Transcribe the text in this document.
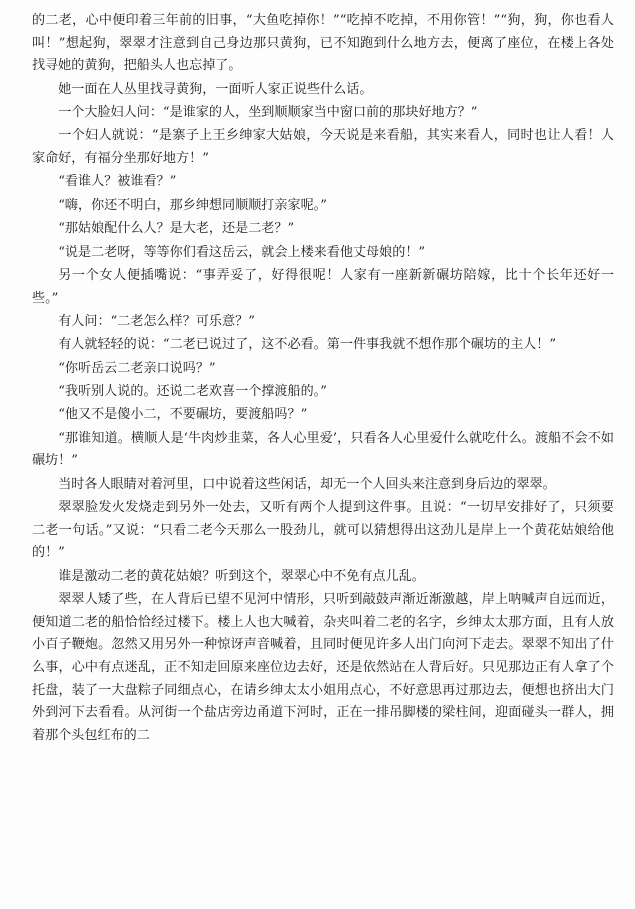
的二老，心中便印着三年前的旧事，“大鱼吃掉你！”“吃掉不吃掉，不用你管！”“狗，狗，你也看人叫！”想起狗，翠翠才注意到自己身边那只黄狗，已不知跑到什么地方去，便离了座位，在楼上各处找寻她的黄狗，把船头人也忘掉了。

她一面在人丛里找寻黄狗，一面听人家正说些什么话。

一个大脸妇人问：“是谁家的人，坐到顺顺家当中窗口前的那块好地方？”

一个妇人就说：“是寨子上王乡绅家大姑娘，今天说是来看船，其实来看人，同时也让人看！人家命好，有福分坐那好地方！”

“看谁人？被谁看？”

“嗨，你还不明白，那乡绅想同顺顺打亲家呢。”

“那姑娘配什么人？是大老，还是二老？”

“说是二老呀，等等你们看这岳云，就会上楼来看他丈母娘的！”

另一个女人便插嘴说：“事弄妥了，好得很呢！人家有一座新新碾坊陪嫁，比十个长年还好一些。”

有人问：“二老怎么样？可乐意？”

有人就轻轻的说：“二老已说过了，这不必看。第一件事我就不想作那个碾坊的主人！”

“你听岳云二老亲口说吗？”

“我听别人说的。还说二老欢喜一个撑渡船的。”

“他又不是傻小二，不要碾坊，要渡船吗？”

“那谁知道。横顺人是‘牛肉炒韭菜，各人心里爱’，只看各人心里爱什么就吃什么。渡船不会不如碾坊！”

当时各人眼睛对着河里，口中说着这些闲话，却无一个人回头来注意到身后边的翠翠。

翠翠脸发火发烧走到另外一处去，又听有两个人提到这件事。且说：“一切早安排好了，只须要二老一句话。”又说：“只看二老今天那么一股劲儿，就可以猜想得出这劲儿是岸上一个黄花姑娘给他的！”

谁是激动二老的黄花姑娘？听到这个，翠翠心中不免有点儿乱。

翠翠人矮了些，在人背后已望不见河中情形，只听到敲鼓声渐近渐激越，岸上呐喊声自远而近，便知道二老的船恰恰经过楼下。楼上人也大喊着，杂夹叫着二老的名字，乡绅太太那方面，且有人放小百子鞭炮。忽然又用另外一种惊讶声音喊着，且同时便见许多人出门向河下走去。翠翠不知出了什么事，心中有点迷乱，正不知走回原来座位边去好，还是依然站在人背后好。只见那边正有人拿了个托盘，装了一大盘粽子同细点心，在请乡绅太太小姐用点心，不好意思再过那边去，便想也挤出大门外到河下去看看。从河街一个盐店旁边甬道下河时，正在一排吊脚楼的梁柱间，迎面碰头一群人，拥着那个头包红布的二
